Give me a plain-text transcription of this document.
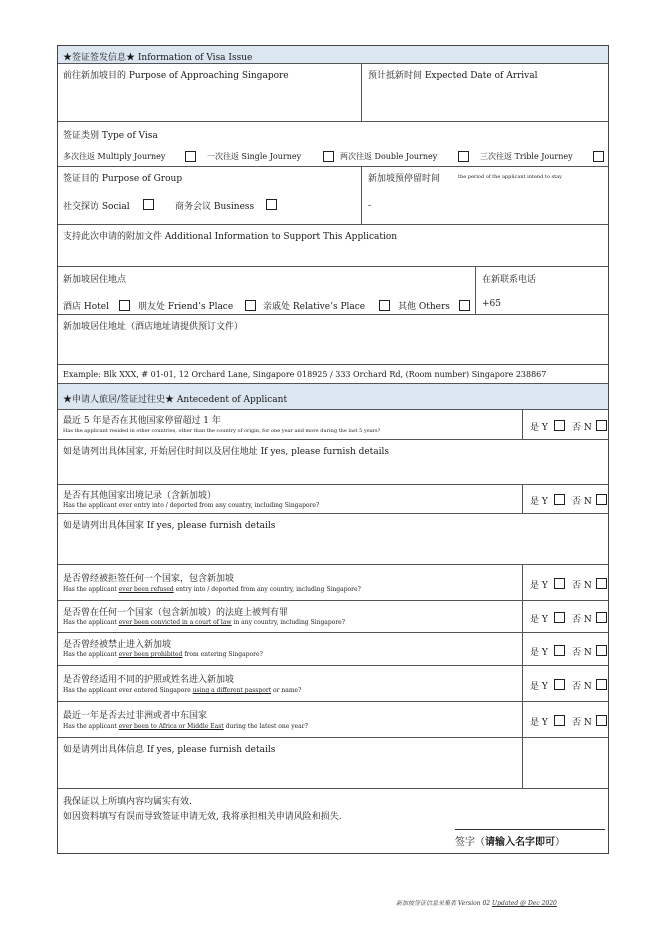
★签证签发信息★ Information of Visa Issue
前往新加坡目的 Purpose of Approaching Singapore	预计抵新时间 Expected Date of Arrival
签证类别 Type of Visa
多次往返 Multiply Journey	一次往返 Single Journey	两次往返 Double Journey	三次往返 Trible Journey
签证目的 Purpose of Group
社交探访 Social	商务会议 Business
新加坡预停留时间	the period of the applicant intend to stay
-
支持此次申请的附加文件 Additional Information to Support This Application
新加坡居住地点
酒店 Hotel	朋友处 Friend’s Place	亲戚处 Relative’s Place	其他 Others
在新联系电话
+65
新加坡居住地址（酒店地址请提供预订文件）
Example: Blk XXX, # 01-01, 12 Orchard Lane, Singapore 018925 / 333 Orchard Rd, (Room number) Singapore 238867
★申请人旅居/签证过往史★ Antecedent of Applicant
最近 5 年是否在其他国家停留超过 1 年
Has the applicant resided in other countries, other than the country of origin, for one year and more during the last 5 years?	是 Y	否 N
如是请列出具体国家, 开始居住时间以及居住地址 If yes, please furnish details
是否有其他国家出境记录（含新加坡）
Has the applicant ever entry into / deported from any country, including Singapore?	是 Y	否 N
如是请列出具体国家 If yes, please furnish details
是否曾经被拒签任何一个国家，包含新加坡
Has the applicant ever been refused entry into / deported from any country, including Singapore?	是 Y	否 N
是否曾在任何一个国家（包含新加坡）的法庭上被判有罪
Has the applicant ever been convicted in a court of law in any country, including Singapore?	是 Y	否 N
是否曾经被禁止进入新加坡
Has the applicant ever been prohibited from entering Singapore?	是 Y	否 N
是否曾经适用不同的护照或姓名进入新加坡
Has the applicant ever entered Singapore using a different passport or name?	是 Y	否 N
最近一年是否去过非洲或者中东国家
Has the applicant ever been to Africa or Middle East during the latest one year?	是 Y	否 N
如是请列出具体信息 If yes, please furnish details
我保证以上所填内容均属实有效.
如因资料填写有误而导致签证申请无效, 我将承担相关申请风险和损失.
签字（请输入名字即可）
新加坡签证信息采集表 Version 02 Updated @ Dec 2020
